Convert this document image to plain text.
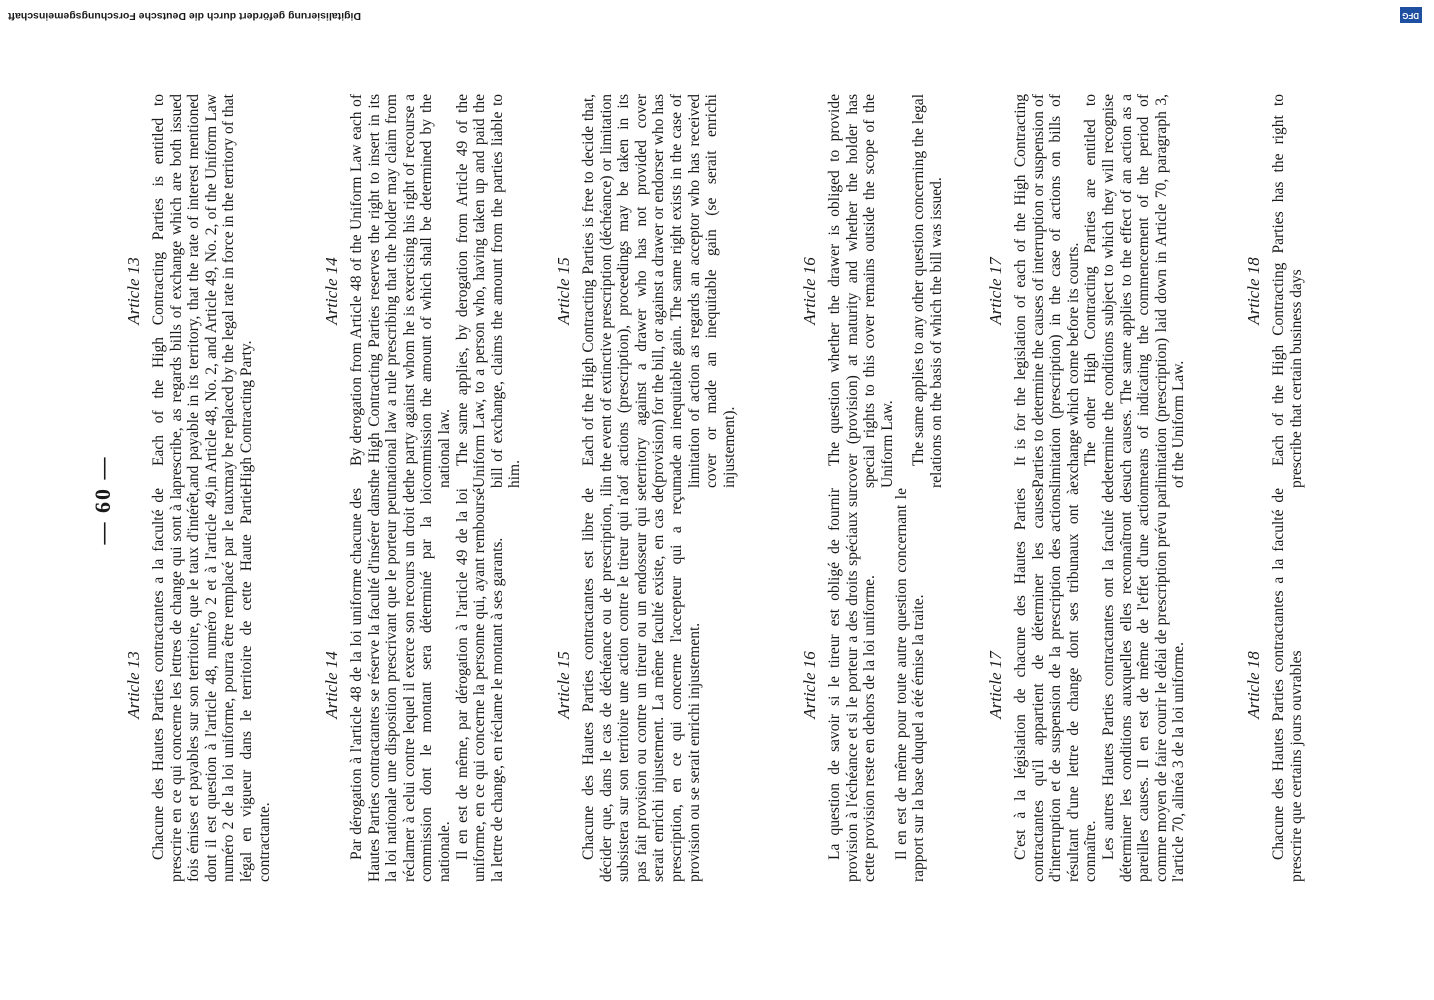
— 60 —
Article 13 Chacune des Hautes Parties contractantes a la faculté de prescrire en ce qui concerne les lettres de change qui sont à la fois émises et payables sur son territoire, que le taux d'intérêt, dont il est question à l'article 48, numéro 2 et à l'article 49, numéro 2 de la loi uniforme, pourra être remplacé par le taux légal en vigueur dans le territoire de cette Haute Partie contractante.

Article 14 Par dérogation à l'article 48 de la loi uniforme chacune des Hautes Parties contractantes se réserve la faculté d'insérer dans la loi nationale une disposition prescrivant que le porteur peut réclamer à celui contre lequel il exerce son recours un droit de commission dont le montant sera déterminé par la loi nationale. Il en est de même, par dérogation à l'article 49 de la loi uniforme, en ce qui concerne la personne qui, ayant remboursé la lettre de change, en réclame le montant à ses garants.	Article 15 Chacune des Hautes Parties contractantes est libre de décider que, dans le cas de déchéance ou de prescription, il subsistera sur son territoire une action contre le tireur qui n'a pas fait provision ou contre un tireur ou un endosseur qui se serait enrichi injustement. La même faculté existe, en cas de prescription, en ce qui concerne l'accepteur qui a reçu provision ou se serait enrichi injustement.	Article 16 La question de savoir si le tireur est obligé de fournir provision à l'échéance et si le porteur a des droits spéciaux sur cette provision reste en dehors de la loi uniforme. Il en est de même pour toute autre question concernant le rapport sur la base duquel a été émise la traite.	Article 17 C'est à la législation de chacune des Hautes Parties contractantes qu'il appartient de déterminer les causes d'interruption et de suspension de la prescription des actions résultant d'une lettre de change dont ses tribunaux ont à connaître. Les autres Hautes Parties contractantes ont la faculté de déterminer les conditions auxquelles elles reconnaîtront de pareilles causes. Il en est de même de l'effet d'une action comme moyen de faire courir le délai de prescription prévu par l'article 70, alinéa 3 de la loi uniforme.	Article 18 Chacune des Hautes Parties contractantes a la faculté de prescrire que certains jours ouvrables

Article 13 Each of the High Contracting Parties is entitled to prescribe, as regards bills of exchange which are both issued and payable in its territory, that the rate of interest mentioned in Article 48, No. 2, and Article 49, No. 2, of the Uniform Law may be replaced by the legal rate in force in the territory of that High Contracting Party.

Article 14 By derogation from Article 48 of the Uniform Law each of the High Contracting Parties reserves the right to insert in its national law a rule prescribing that the holder may claim from the party against whom he is exercising his right of recourse a commission the amount of which shall be determined by the national law. The same applies, by derogation from Article 49 of the Uniform Law, to a person who, having taken up and paid the bill of exchange, claims the amount from the parties liable to him.

Article 15 Each of the High Contracting Parties is free to decide that, in the event of extinctive prescription (déchéance) or limitation of actions (prescription), proceedings may be taken in its territory against a drawer who has not provided cover (provision) for the bill, or against a drawer or endorser who has made an inequitable gain. The same right exists in the case of limitation of action as regards an acceptor who has received cover or made an inequitable gain (se serait enrichi injustement).

Article 16 The question whether the drawer is obliged to provide cover (provision) at maturity and whether the holder has special rights to this cover remains outside the scope of the Uniform Law. The same applies to any other question concerning the legal relations on the basis of which the bill was issued. Article 17 It is for the legislation of each of the High Contracting Parties to determine the causes of interruption or suspension of limitation (prescription) in the case of actions on bills of exchange which come before its courts. The other High Contracting Parties are entitled to determine the conditions subject to which they will recognise such causes. The same applies to the effect of an action as a means of indicating the commencement of the period of limitation (prescription) laid down in Article 70, paragraph 3, of the Uniform Law.

Article 18 Each of the High Contracting Parties has the right to prescribe that certain business days

Digitalisierung gefördert durch die Deutsche Forschungsgemeinschaft	DFG
